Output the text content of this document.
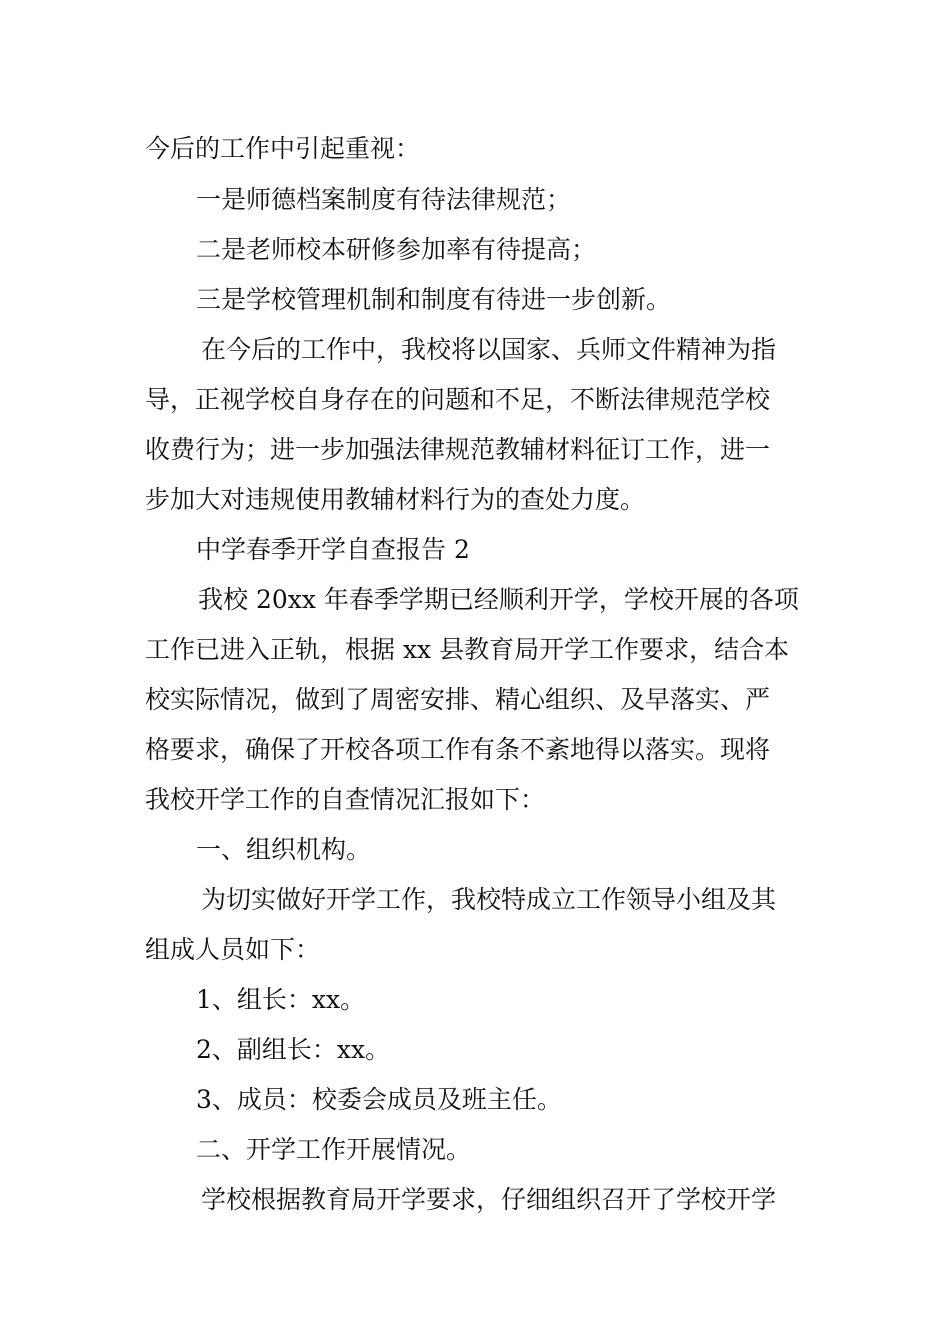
今后的工作中引起重视：
一是师德档案制度有待法律规范；
二是老师校本研修参加率有待提高；
三是学校管理机制和制度有待进一步创新。
在今后的工作中，我校将以国家、兵师文件精神为指
导，正视学校自身存在的问题和不足，不断法律规范学校
收费行为；进一步加强法律规范教辅材料征订工作，进一
步加大对违规使用教辅材料行为的查处力度。
中学春季开学自查报告 2
我校 20xx 年春季学期已经顺利开学，学校开展的各项
工作已进入正轨，根据 xx 县教育局开学工作要求，结合本
校实际情况，做到了周密安排、精心组织、及早落实、严
格要求，确保了开校各项工作有条不紊地得以落实。现将
我校开学工作的自查情况汇报如下：
一、组织机构。
为切实做好开学工作，我校特成立工作领导小组及其
组成人员如下：
1、组长：xx。
2、副组长：xx。
3、成员：校委会成员及班主任。
二、开学工作开展情况。
学校根据教育局开学要求，仔细组织召开了学校开学
